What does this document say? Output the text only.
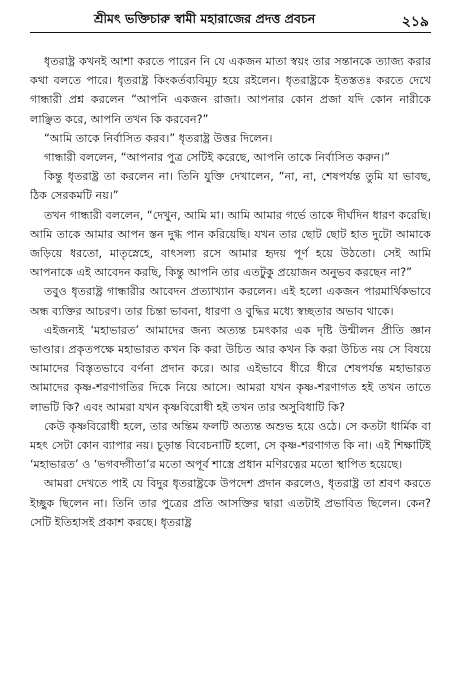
শ্রীমৎ ভক্তিচারু স্বামী মহারাজের প্রদত্ত প্রবচন	২১৯

ধৃতরাষ্ট্র কখনই আশা করতে পারেন নি যে একজন মাতা স্বয়ং তার সন্তানকে ত্যাজ্য করার কথা বলতে পারে। ধৃতরাষ্ট্র কিংকর্তব্যবিমূঢ় হয়ে রইলেন। ধৃতরাষ্ট্রকে ইতস্ততঃ করতে দেখে গান্ধারী প্রশ্ন করলেন “আপনি একজন রাজা। আপনার কোন প্রজা যদি কোন নারীকে লাঞ্ছিত করে, আপনি তখন কি করবেন?”

“আমি তাকে নির্বাসিত করব।” ধৃতরাষ্ট্র উত্তর দিলেন।

গান্ধারী বললেন, “আপনার পুত্র সেটিই করেছে, আপনি তাকে নির্বাসিত করুন।”

কিন্তু ধৃতরাষ্ট্র তা করলেন না। তিনি যুক্তি দেখালেন, “না, না, শেষপর্যন্ত তুমি যা ভাবছ, ঠিক সেরকমটি নয়।”

তখন গান্ধারী বললেন, “দেখুন, আমি মা। আমি আমার গর্ভে তাকে দীর্ঘদিন ধারণ করেছি। আমি তাকে আমার আপন স্তন দুগ্ধ পান করিয়েছি। যখন তার ছোট ছোট হাত দুটো আমাকে জড়িয়ে ধরতো, মাতৃস্নেহে, বাৎসল্য রসে আমার হৃদয় পূর্ণ হয়ে উঠতো। সেই আমি আপনাকে এই আবেদন করছি, কিন্তু আপনি তার এতটুকু প্রয়োজন অনুভব করছেন না?”

তবুও ধৃতরাষ্ট্র গান্ধারীর আবেদন প্রত্যাখ্যান করলেন। এই হলো একজন পারমার্থিকভাবে অন্ধ ব্যক্তির আচরণ। তার চিন্তা ভাবনা, ধারণা ও বুদ্ধির মধ্যে স্বচ্ছতার অভাব থাকে।

এইজন্যই ‘মহাভারত’ আমাদের জন্য অত্যন্ত চমৎকার এক দৃষ্টি উন্মীলন প্রীতি জ্ঞান ভাণ্ডার। প্রকৃতপক্ষে মহাভারত কখন কি করা উচিত আর কখন কি করা উচিত নয় সে বিষয়ে আমাদের বিস্তৃতভাবে বর্ণনা প্রদান করে। আর এইভাবে ধীরে ধীরে শেষপর্যন্ত মহাভারত আমাদের কৃষ্ণ-শরণাগতির দিকে নিয়ে আসে। আমরা যখন কৃষ্ণ-শরণাগত হই তখন তাতে লাভটি কি? এবং আমরা যখন কৃষ্ণবিরোধী হই তখন তার অসুবিধাটি কি?

কেউ কৃষ্ণবিরোধী হলে, তার অন্তিম ফলটি অত্যন্ত অশুভ হয়ে ওঠে। সে কতটা ধার্মিক বা মহৎ সেটা কোন ব্যাপার নয়। চূড়ান্ত বিবেচনাটি হলো, সে কৃষ্ণ-শরণাগত কি না। এই শিক্ষাটিই ‘মহাভারত’ ও ‘ভগবদ্গীতা’র মতো অপূর্ব শাস্ত্রে প্রধান মণিরত্নের মতো স্থাপিত হয়েছে।

আমরা দেখতে পাই যে বিদুর ধৃতরাষ্ট্রকে উপদেশ প্রদান করলেও, ধৃতরাষ্ট্র তা শ্রবণ করতে ইচ্ছুক ছিলেন না। তিনি তার পুত্রের প্রতি আসক্তির দ্বারা এতটাই প্রভাবিত ছিলেন। কেন? সেটি ইতিহাসই প্রকাশ করছে। ধৃতরাষ্ট্র
